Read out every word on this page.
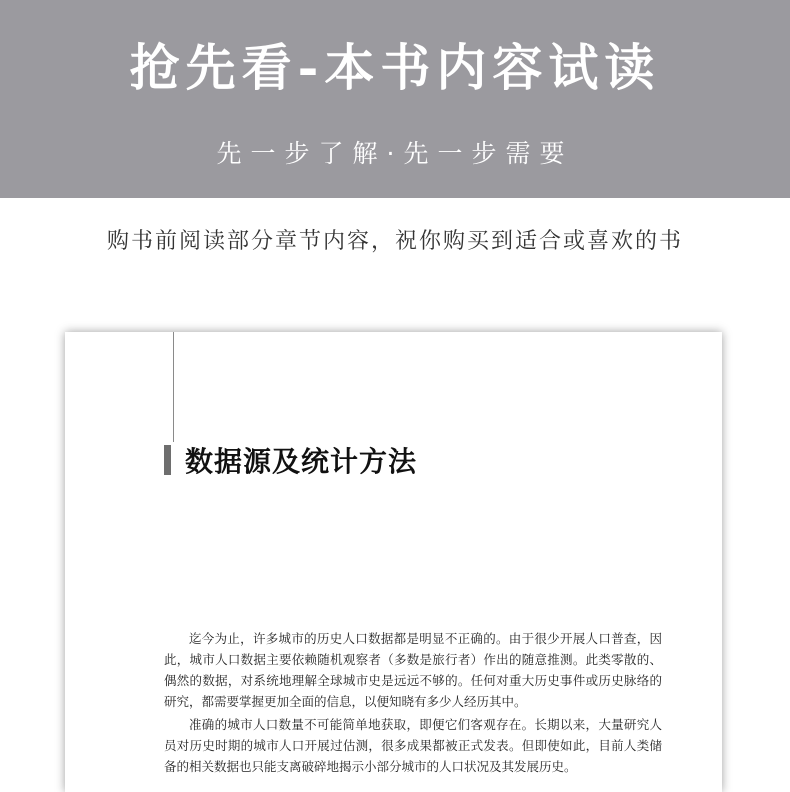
抢先看-本书内容试读
先一步了解·先一步需要
购书前阅读部分章节内容，祝你购买到适合或喜欢的书
数据源及统计方法

迄今为止，许多城市的历史人口数据都是明显不正确的。由于很少开展人口普查，因此，城市人口数据主要依赖随机观察者（多数是旅行者）作出的随意推测。此类零散的、偶然的数据，对系统地理解全球城市史是远远不够的。任何对重大历史事件或历史脉络的研究，都需要掌握更加全面的信息，以便知晓有多少人经历其中。

准确的城市人口数量不可能简单地获取，即便它们客观存在。长期以来，大量研究人员对历史时期的城市人口开展过估测，很多成果都被正式发表。但即使如此，目前人类储备的相关数据也只能支离破碎地揭示小部分城市的人口状况及其发展历史。
